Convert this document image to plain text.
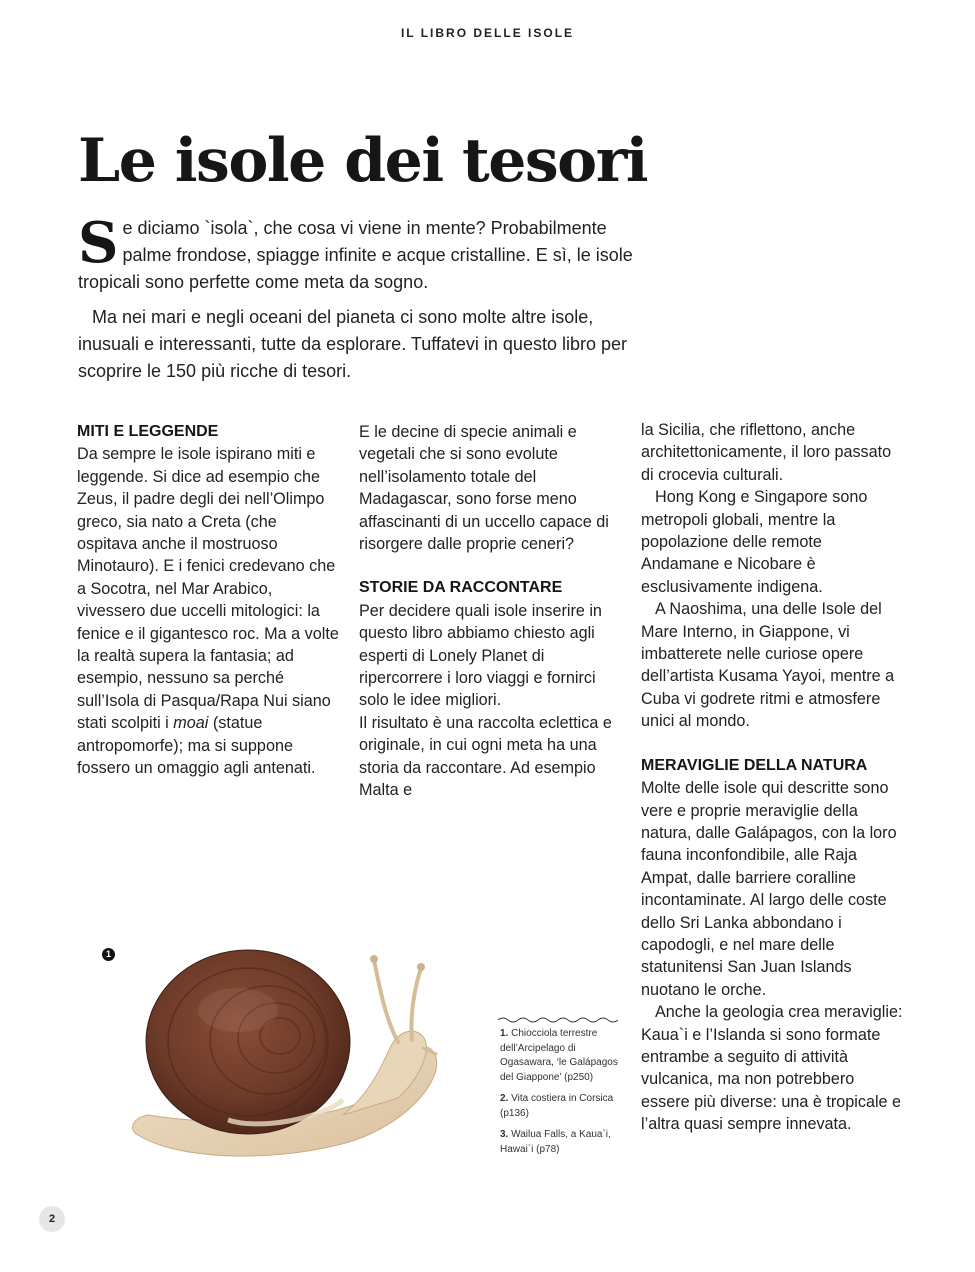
IL LIBRO DELLE ISOLE
Le isole dei tesori

Se diciamo `isola`, che cosa vi viene in mente? Probabilmente palme frondose, spiagge infinite e acque cristalline. E sì, le isole tropicali sono perfette come meta da sogno.

Ma nei mari e negli oceani del pianeta ci sono molte altre isole, inusuali e interessanti, tutte da esplorare. Tuffatevi in questo libro per scoprire le 150 più ricche di tesori.

MITI E LEGGENDE

Da sempre le isole ispirano miti e leggende. Si dice ad esempio che Zeus, il padre degli dei nell’Olimpo greco, sia nato a Creta (che ospitava anche il mostruoso Minotauro). E i fenici credevano che a Socotra, nel Mar Arabico, vivessero due uccelli mitologici: la fenice e il gigantesco roc. Ma a volte la realtà supera la fantasia; ad esempio, nessuno sa perché sull’Isola di Pasqua/Rapa Nui siano stati scolpiti i moai (statue antropomorfe); ma si suppone fossero un omaggio agli antenati.

E le decine di specie animali e vegetali che si sono evolute nell’isolamento totale del Madagascar, sono forse meno affascinanti di un uccello capace di risorgere dalle proprie ceneri?

STORIE DA RACCONTARE

Per decidere quali isole inserire in questo libro abbiamo chiesto agli esperti di Lonely Planet di ripercorrere i loro viaggi e fornirci solo le idee migliori.

Il risultato è una raccolta eclettica e originale, in cui ogni meta ha una storia da raccontare. Ad esempio Malta e

la Sicilia, che riflettono, anche architettonicamente, il loro passato di crocevia culturali.

Hong Kong e Singapore sono metropoli globali, mentre la popolazione delle remote Andamane e Nicobare è esclusivamente indigena.

A Naoshima, una delle Isole del Mare Interno, in Giappone, vi imbatterete nelle curiose opere dell’artista Kusama Yayoi, mentre a Cuba vi godrete ritmi e atmosfere unici al mondo.

MERAVIGLIE DELLA NATURA

Molte delle isole qui descritte sono vere e proprie meraviglie della natura, dalle Galápagos, con la loro fauna inconfondibile, alle Raja Ampat, dalle barriere coralline incontaminate. Al largo delle coste dello Sri Lanka abbondano i capodogli, e nel mare delle statunitensi San Juan Islands nuotano le orche.

Anche la geologia crea meraviglie: Kaua`i e l’Islanda si sono formate entrambe a seguito di attività vulcanica, ma non potrebbero essere più diverse: una è tropicale e l’altra quasi sempre innevata.

1
1. Chiocciola terrestre dell’Arcipelago di Ogasawara, ‘le Galápagos del Giappone’ (p250)
2. Vita costiera in Corsica (p136)
3. Wailua Falls, a Kaua`i, Hawai`i (p78)
2
